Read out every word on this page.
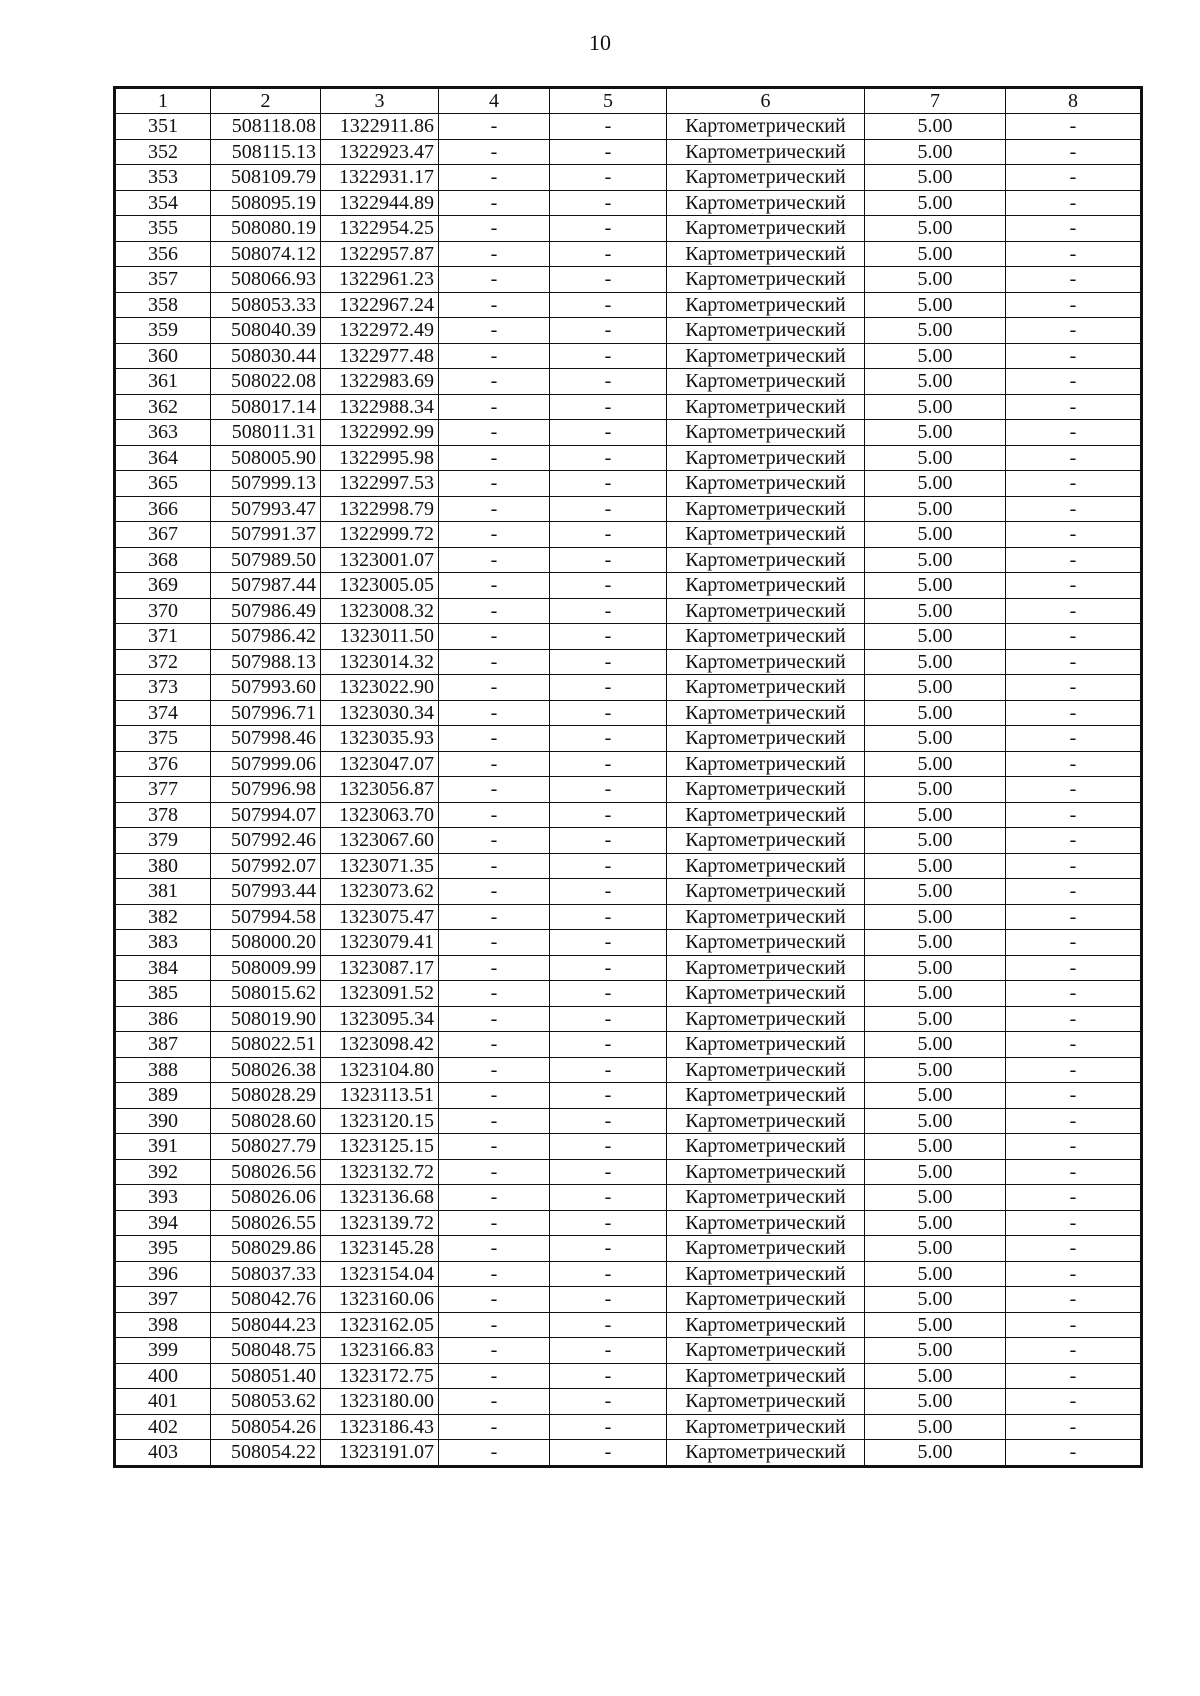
10
1	2	3	4	5	6	7	8
351	508118.08	1322911.86	-	-	Картометрический	5.00	-
352	508115.13	1322923.47	-	-	Картометрический	5.00	-
353	508109.79	1322931.17	-	-	Картометрический	5.00	-
354	508095.19	1322944.89	-	-	Картометрический	5.00	-
355	508080.19	1322954.25	-	-	Картометрический	5.00	-
356	508074.12	1322957.87	-	-	Картометрический	5.00	-
357	508066.93	1322961.23	-	-	Картометрический	5.00	-
358	508053.33	1322967.24	-	-	Картометрический	5.00	-
359	508040.39	1322972.49	-	-	Картометрический	5.00	-
360	508030.44	1322977.48	-	-	Картометрический	5.00	-
361	508022.08	1322983.69	-	-	Картометрический	5.00	-
362	508017.14	1322988.34	-	-	Картометрический	5.00	-
363	508011.31	1322992.99	-	-	Картометрический	5.00	-
364	508005.90	1322995.98	-	-	Картометрический	5.00	-
365	507999.13	1322997.53	-	-	Картометрический	5.00	-
366	507993.47	1322998.79	-	-	Картометрический	5.00	-
367	507991.37	1322999.72	-	-	Картометрический	5.00	-
368	507989.50	1323001.07	-	-	Картометрический	5.00	-
369	507987.44	1323005.05	-	-	Картометрический	5.00	-
370	507986.49	1323008.32	-	-	Картометрический	5.00	-
371	507986.42	1323011.50	-	-	Картометрический	5.00	-
372	507988.13	1323014.32	-	-	Картометрический	5.00	-
373	507993.60	1323022.90	-	-	Картометрический	5.00	-
374	507996.71	1323030.34	-	-	Картометрический	5.00	-
375	507998.46	1323035.93	-	-	Картометрический	5.00	-
376	507999.06	1323047.07	-	-	Картометрический	5.00	-
377	507996.98	1323056.87	-	-	Картометрический	5.00	-
378	507994.07	1323063.70	-	-	Картометрический	5.00	-
379	507992.46	1323067.60	-	-	Картометрический	5.00	-
380	507992.07	1323071.35	-	-	Картометрический	5.00	-
381	507993.44	1323073.62	-	-	Картометрический	5.00	-
382	507994.58	1323075.47	-	-	Картометрический	5.00	-
383	508000.20	1323079.41	-	-	Картометрический	5.00	-
384	508009.99	1323087.17	-	-	Картометрический	5.00	-
385	508015.62	1323091.52	-	-	Картометрический	5.00	-
386	508019.90	1323095.34	-	-	Картометрический	5.00	-
387	508022.51	1323098.42	-	-	Картометрический	5.00	-
388	508026.38	1323104.80	-	-	Картометрический	5.00	-
389	508028.29	1323113.51	-	-	Картометрический	5.00	-
390	508028.60	1323120.15	-	-	Картометрический	5.00	-
391	508027.79	1323125.15	-	-	Картометрический	5.00	-
392	508026.56	1323132.72	-	-	Картометрический	5.00	-
393	508026.06	1323136.68	-	-	Картометрический	5.00	-
394	508026.55	1323139.72	-	-	Картометрический	5.00	-
395	508029.86	1323145.28	-	-	Картометрический	5.00	-
396	508037.33	1323154.04	-	-	Картометрический	5.00	-
397	508042.76	1323160.06	-	-	Картометрический	5.00	-
398	508044.23	1323162.05	-	-	Картометрический	5.00	-
399	508048.75	1323166.83	-	-	Картометрический	5.00	-
400	508051.40	1323172.75	-	-	Картометрический	5.00	-
401	508053.62	1323180.00	-	-	Картометрический	5.00	-
402	508054.26	1323186.43	-	-	Картометрический	5.00	-
403	508054.22	1323191.07	-	-	Картометрический	5.00	-
